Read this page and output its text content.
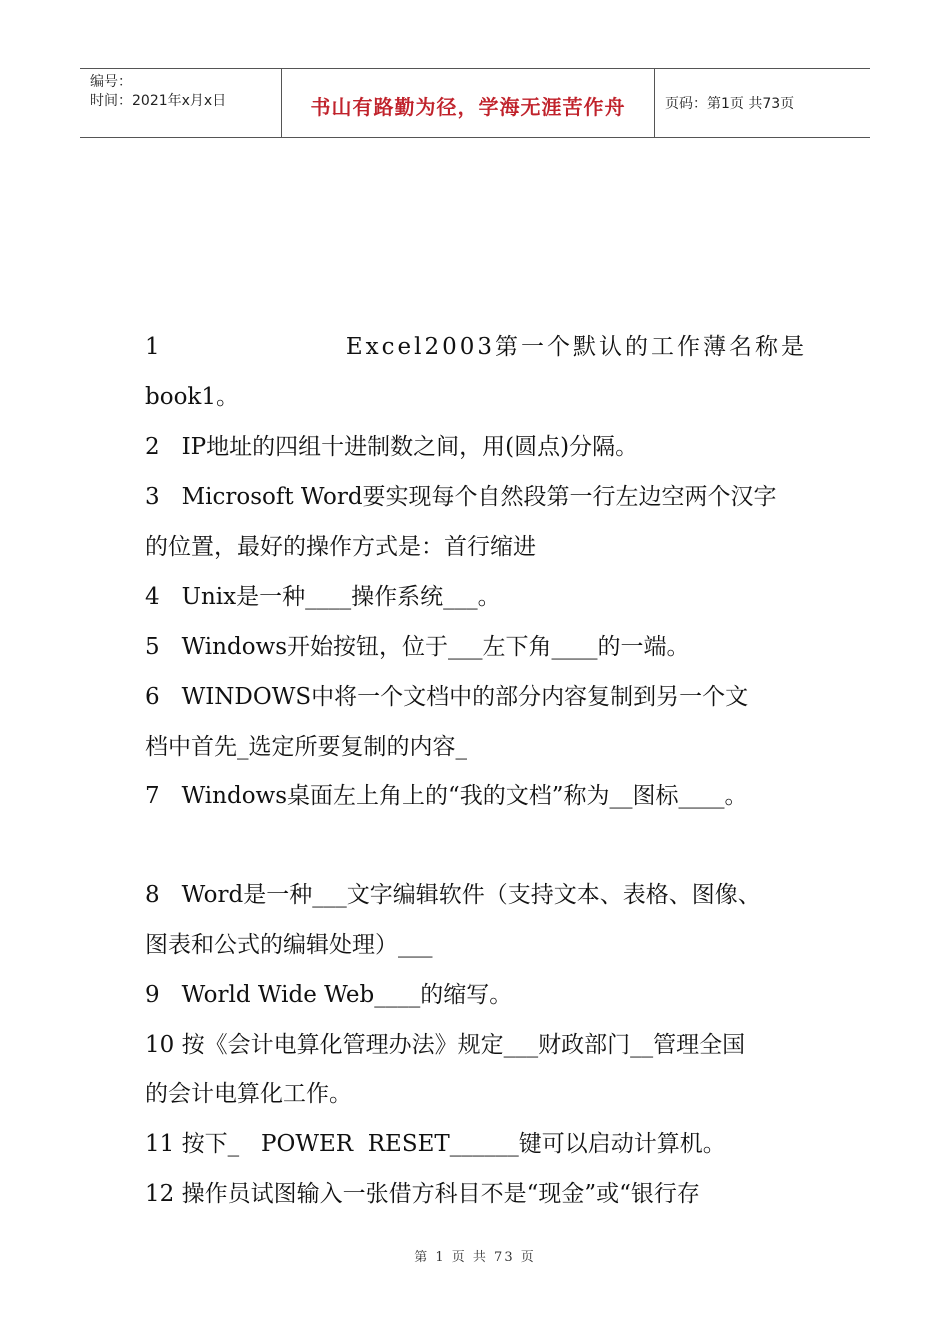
编号：
时间：2021年x月x日	书山有路勤为径，学海无涯苦作舟	页码：第1页 共73页
1	Excel2003第一个默认的工作薄名称是
book1。
2   IP地址的四组十进制数之间，用(圆点)分隔。
3   Microsoft Word要实现每个自然段第一行左边空两个汉字
的位置，最好的操作方式是：首行缩进
4   Unix是一种____操作系统___。
5   Windows开始按钮，位于___左下角____的一端。
6   WINDOWS中将一个文档中的部分内容复制到另一个文
档中首先_选定所要复制的内容_
7   Windows桌面左上角上的“我的文档”称为__图标____。
8   Word是一种___文字编辑软件（支持文本、表格、图像、
图表和公式的编辑处理）___
9   World Wide Web____的缩写。
10 按《会计电算化管理办法》规定___财政部门__管理全国
的会计电算化工作。
11 按下_   POWER  RESET______键可以启动计算机。
12 操作员试图输入一张借方科目不是“现金”或“银行存
第 1 页 共 73 页
